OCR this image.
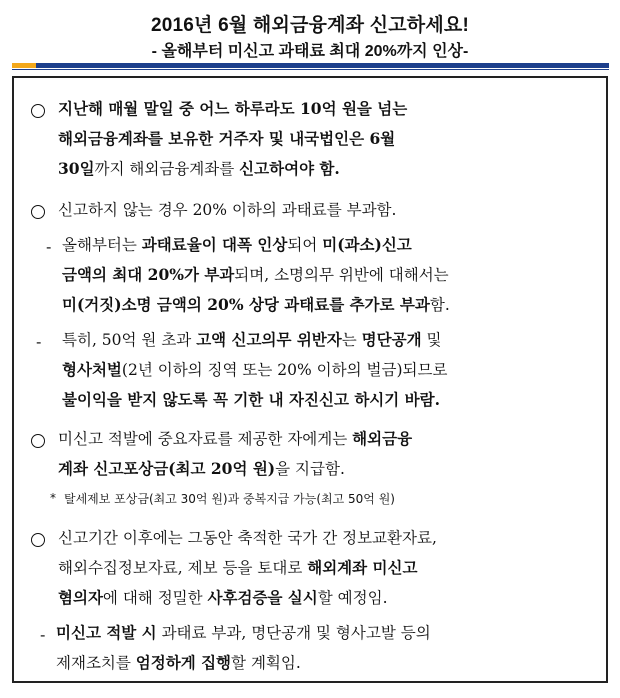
2016년 6월 해외금융계좌 신고하세요!
- 올해부터 미신고 과태료 최대 20%까지 인상-
지난해 매월 말일 중 어느 하루라도 10억 원을 넘는
해외금융계좌를 보유한 거주자 및 내국법인은 6월
30일까지 해외금융계좌를 신고하여야 함.
신고하지 않는 경우 20% 이하의 과태료를 부과함.
- 올해부터는 과태료율이 대폭 인상되어 미(과소)신고
금액의 최대 20%가 부과되며, 소명의무 위반에 대해서는
미(거짓)소명 금액의 20% 상당 과태료를 추가로 부과함.
- 특히, 50억 원 초과 고액 신고의무 위반자는 명단공개 및
형사처벌(2년 이하의 징역 또는 20% 이하의 벌금)되므로
불이익을 받지 않도록 꼭 기한 내 자진신고 하시기 바람.
미신고 적발에 중요자료를 제공한 자에게는 해외금융
계좌 신고포상금(최고 20억 원)을 지급함.
* 탈세제보 포상금(최고 30억 원)과 중복지급 가능(최고 50억 원)
신고기간 이후에는 그동안 축적한 국가 간 정보교환자료,
해외수집정보자료, 제보 등을 토대로 해외계좌 미신고
혐의자에 대해 정밀한 사후검증을 실시할 예정임.
- 미신고 적발 시 과태료 부과, 명단공개 및 형사고발 등의
제재조치를 엄정하게 집행할 계획임.
